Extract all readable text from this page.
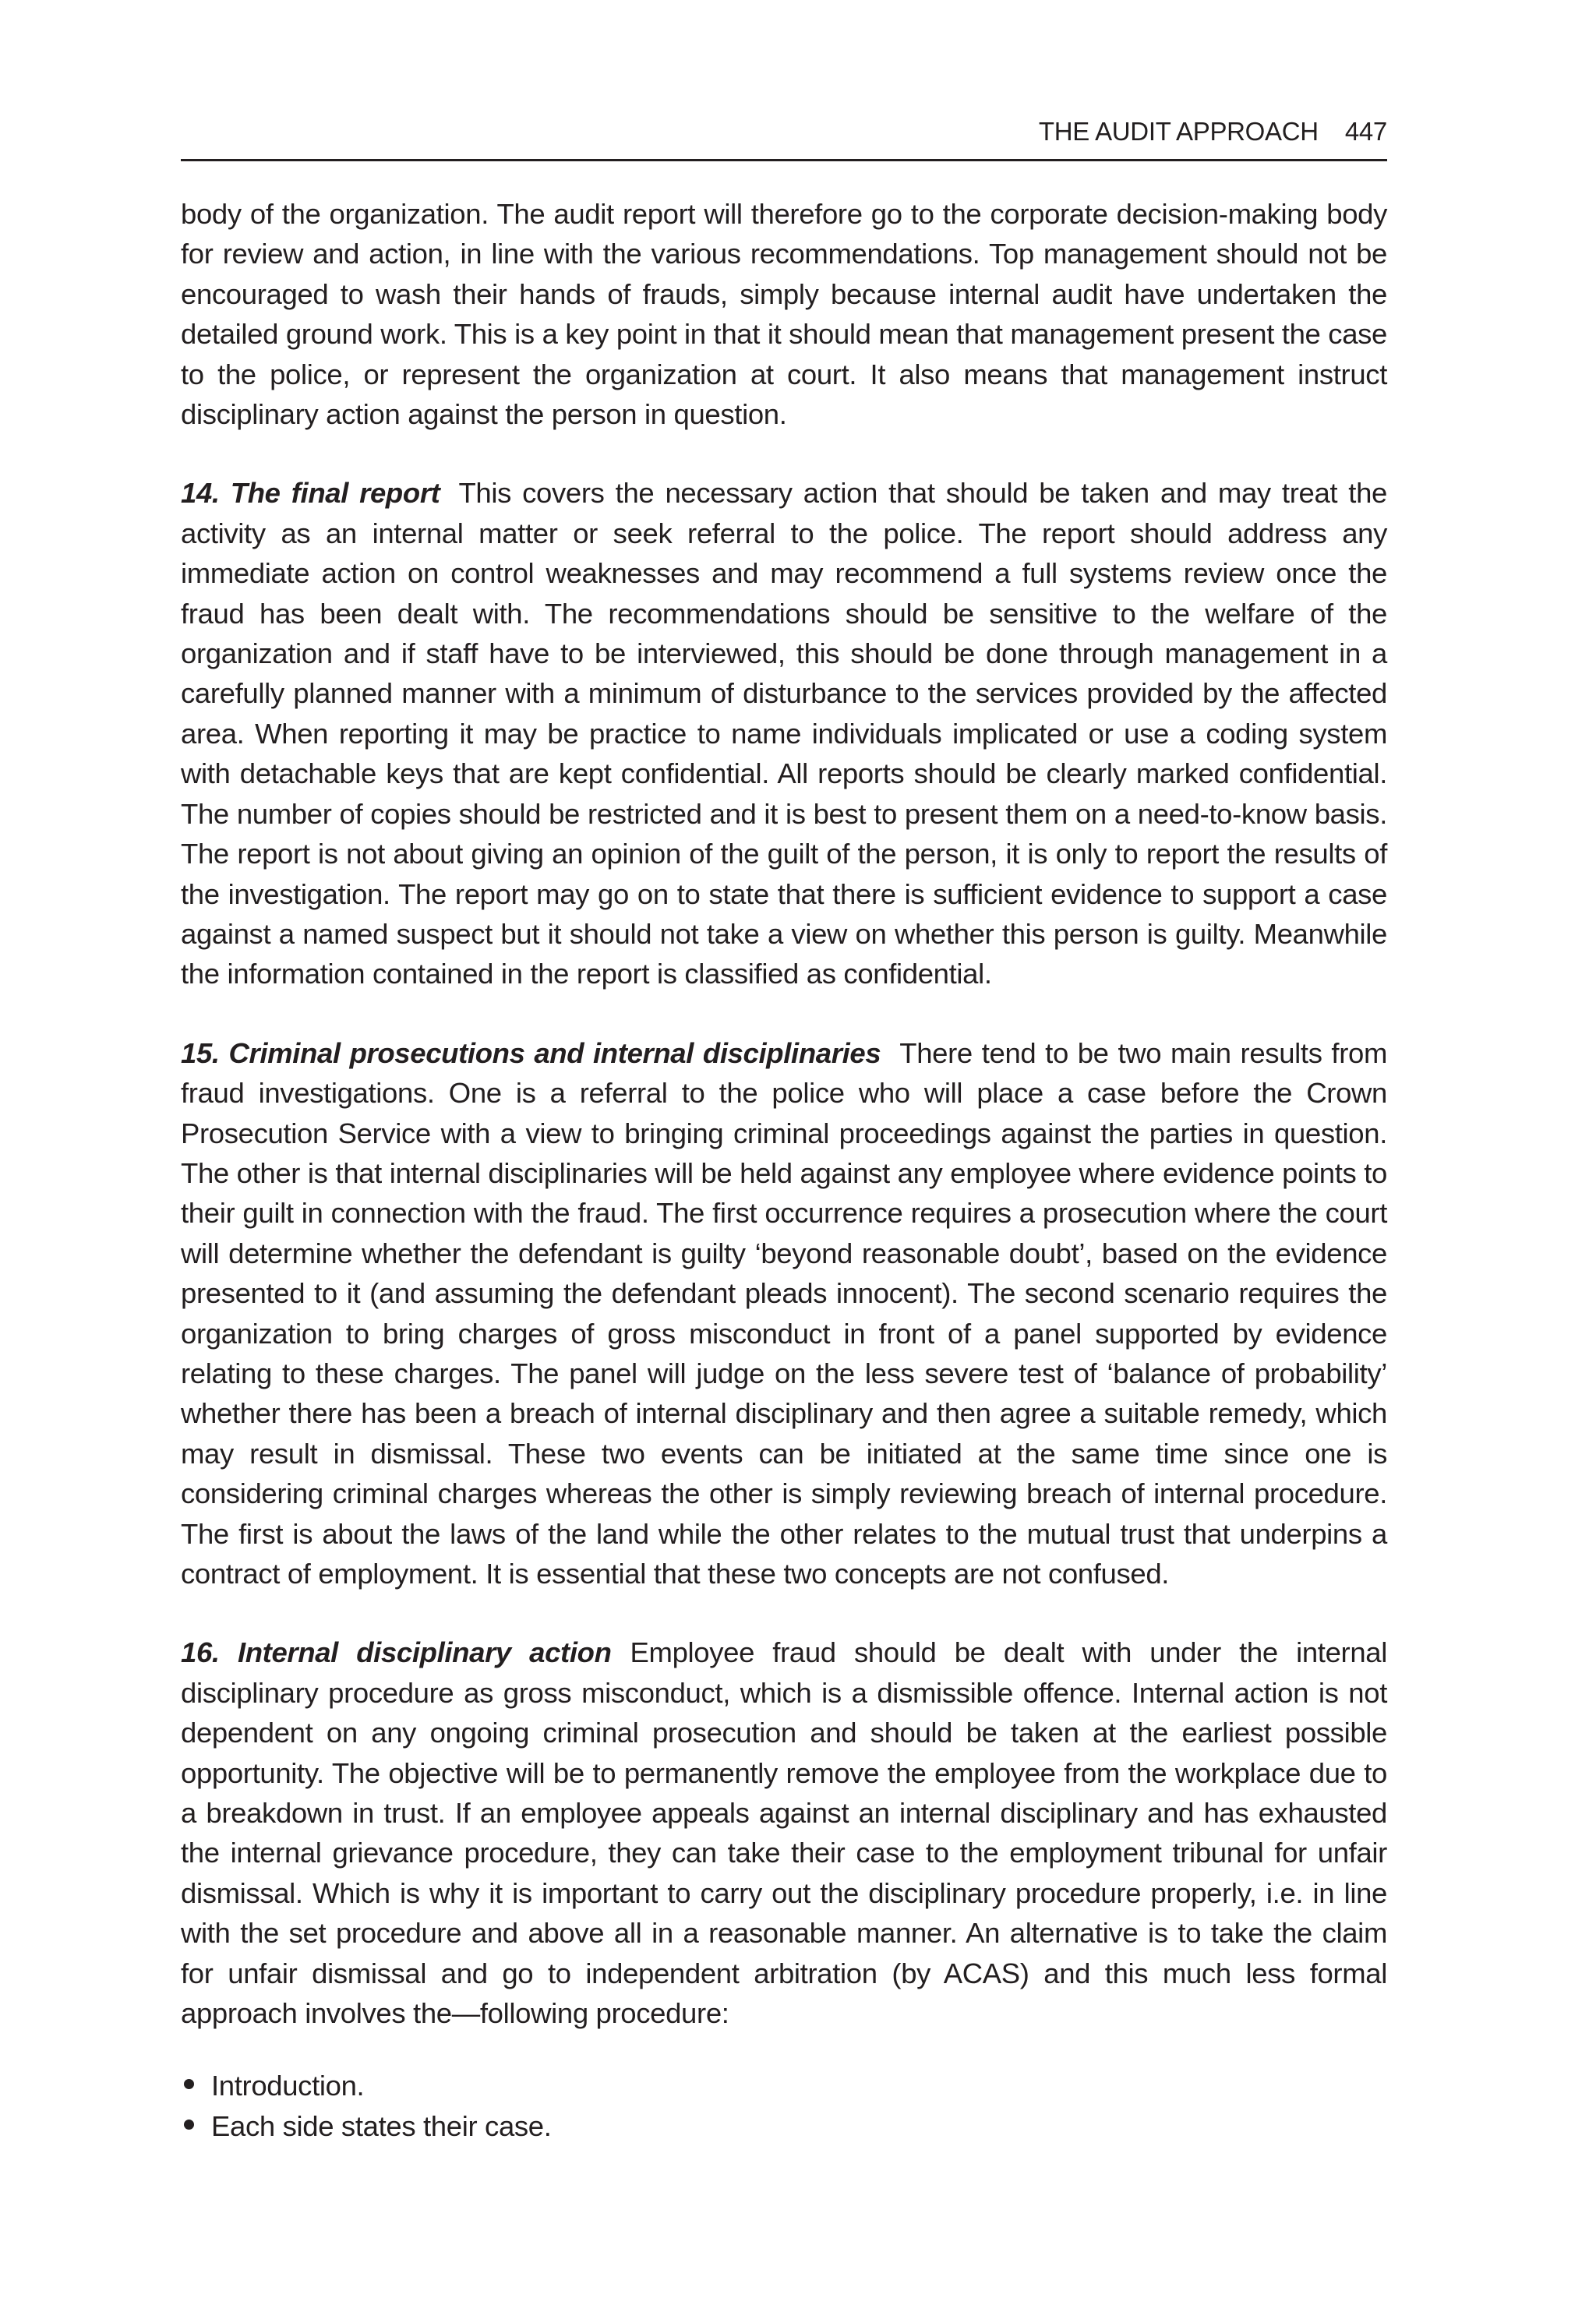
THE AUDIT APPROACH 447

body of the organization. The audit report will therefore go to the corporate decision-making body for review and action, in line with the various recommendations. Top management should not be encouraged to wash their hands of frauds, simply because internal audit have undertaken the detailed ground work. This is a key point in that it should mean that management present the case to the police, or represent the organization at court. It also means that management instruct disciplinary action against the person in question.

14. The final report This covers the necessary action that should be taken and may treat the activity as an internal matter or seek referral to the police. The report should address any immediate action on control weaknesses and may recommend a full systems review once the fraud has been dealt with. The recommendations should be sensitive to the welfare of the organization and if staff have to be interviewed, this should be done through management in a carefully planned manner with a minimum of disturbance to the services provided by the affected area. When reporting it may be practice to name individuals implicated or use a coding system with detachable keys that are kept confidential. All reports should be clearly marked confidential. The number of copies should be restricted and it is best to present them on a need-to-know basis. The report is not about giving an opinion of the guilt of the person, it is only to report the results of the investigation. The report may go on to state that there is sufficient evidence to support a case against a named suspect but it should not take a view on whether this person is guilty. Meanwhile the information contained in the report is classified as confidential.

15. Criminal prosecutions and internal disciplinaries There tend to be two main results from fraud investigations. One is a referral to the police who will place a case before the Crown Prosecution Service with a view to bringing criminal proceedings against the parties in question. The other is that internal disciplinaries will be held against any employee where evidence points to their guilt in connection with the fraud. The first occurrence requires a prosecution where the court will determine whether the defendant is guilty ‘beyond reasonable doubt’, based on the evidence presented to it (and assuming the defendant pleads innocent). The second scenario requires the organization to bring charges of gross misconduct in front of a panel supported by evidence relating to these charges. The panel will judge on the less severe test of ‘balance of probability’ whether there has been a breach of internal disciplinary and then agree a suitable remedy, which may result in dismissal. These two events can be initiated at the same time since one is considering criminal charges whereas the other is simply reviewing breach of internal procedure. The first is about the laws of the land while the other relates to the mutual trust that underpins a contract of employment. It is essential that these two concepts are not confused.

16. Internal disciplinary action Employee fraud should be dealt with under the internal disciplinary procedure as gross misconduct, which is a dismissible offence. Internal action is not dependent on any ongoing criminal prosecution and should be taken at the earliest possible opportunity. The objective will be to permanently remove the employee from the workplace due to a breakdown in trust. If an employee appeals against an internal disciplinary and has exhausted the internal grievance procedure, they can take their case to the employment tribunal for unfair dismissal. Which is why it is important to carry out the disciplinary procedure properly, i.e. in line with the set procedure and above all in a reasonable manner. An alternative is to take the claim for unfair dismissal and go to independent arbitration (by ACAS) and this much less formal approach involves the—following procedure:

Introduction.
Each side states their case.
